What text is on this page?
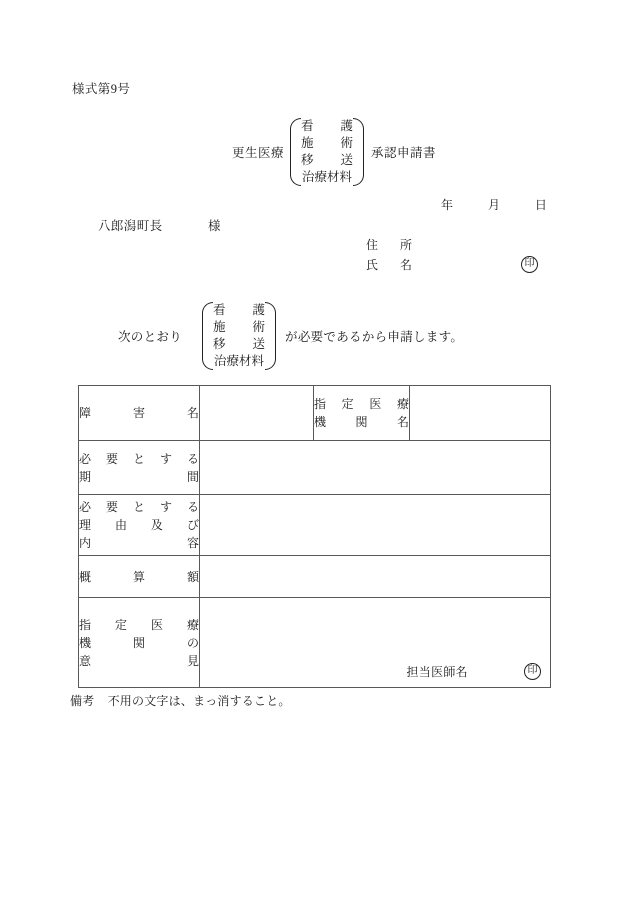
様式第9号
更生医療
看 護
施 術
移 送
治療材料
承認申請書
年	月	日
八郎潟町長	様
住　所
氏　名	印
次のとおり
看 護
施 術
移 送
治療材料
が必要であるから申請します。
障	害	名

指 定 医 療
機 関 名

必 要 と す る
期	間

必 要 と す る
理 由 及 び
内	容

概 算 額			

指 定 医 療
機	関	の
意	見

担当医師名	印
備考 不用の文字は、まっ消すること。
